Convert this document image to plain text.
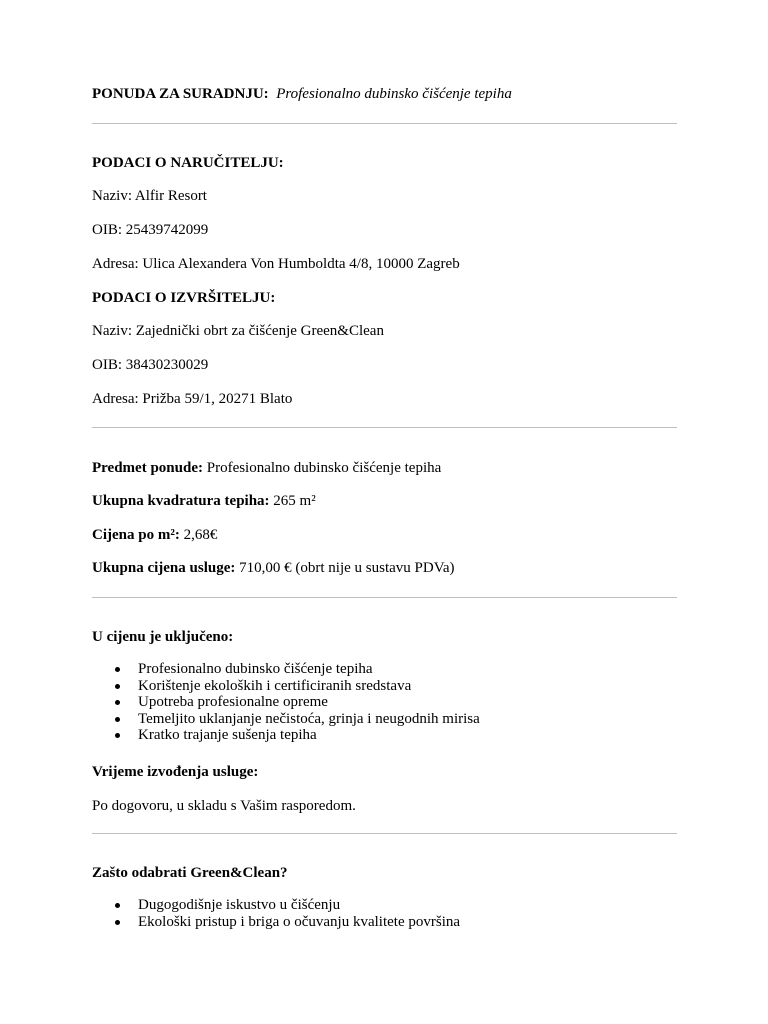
PONUDA ZA SURADNJU: Profesionalno dubinsko čišćenje tepiha
PODACI O NARUČITELJU:
Naziv: Alfir Resort
OIB: 25439742099
Adresa: Ulica Alexandera Von Humboldta 4/8, 10000 Zagreb
PODACI O IZVRŠITELJU:
Naziv: Zajednički obrt za čišćenje Green&Clean
OIB: 38430230029
Adresa: Prižba 59/1, 20271 Blato
Predmet ponude: Profesionalno dubinsko čišćenje tepiha
Ukupna kvadratura tepiha: 265 m²
Cijena po m²: 2,68€
Ukupna cijena usluge: 710,00 € (obrt nije u sustavu PDVa)
U cijenu je uključeno:
Profesionalno dubinsko čišćenje tepiha
Korištenje ekoloških i certificiranih sredstava
Upotreba profesionalne opreme
Temeljito uklanjanje nečistoća, grinja i neugodnih mirisa
Kratko trajanje sušenja tepiha
Vrijeme izvođenja usluge:
Po dogovoru, u skladu s Vašim rasporedom.
Zašto odabrati Green&Clean?
Dugogodišnje iskustvo u čišćenju
Ekološki pristup i briga o očuvanju kvalitete površina
